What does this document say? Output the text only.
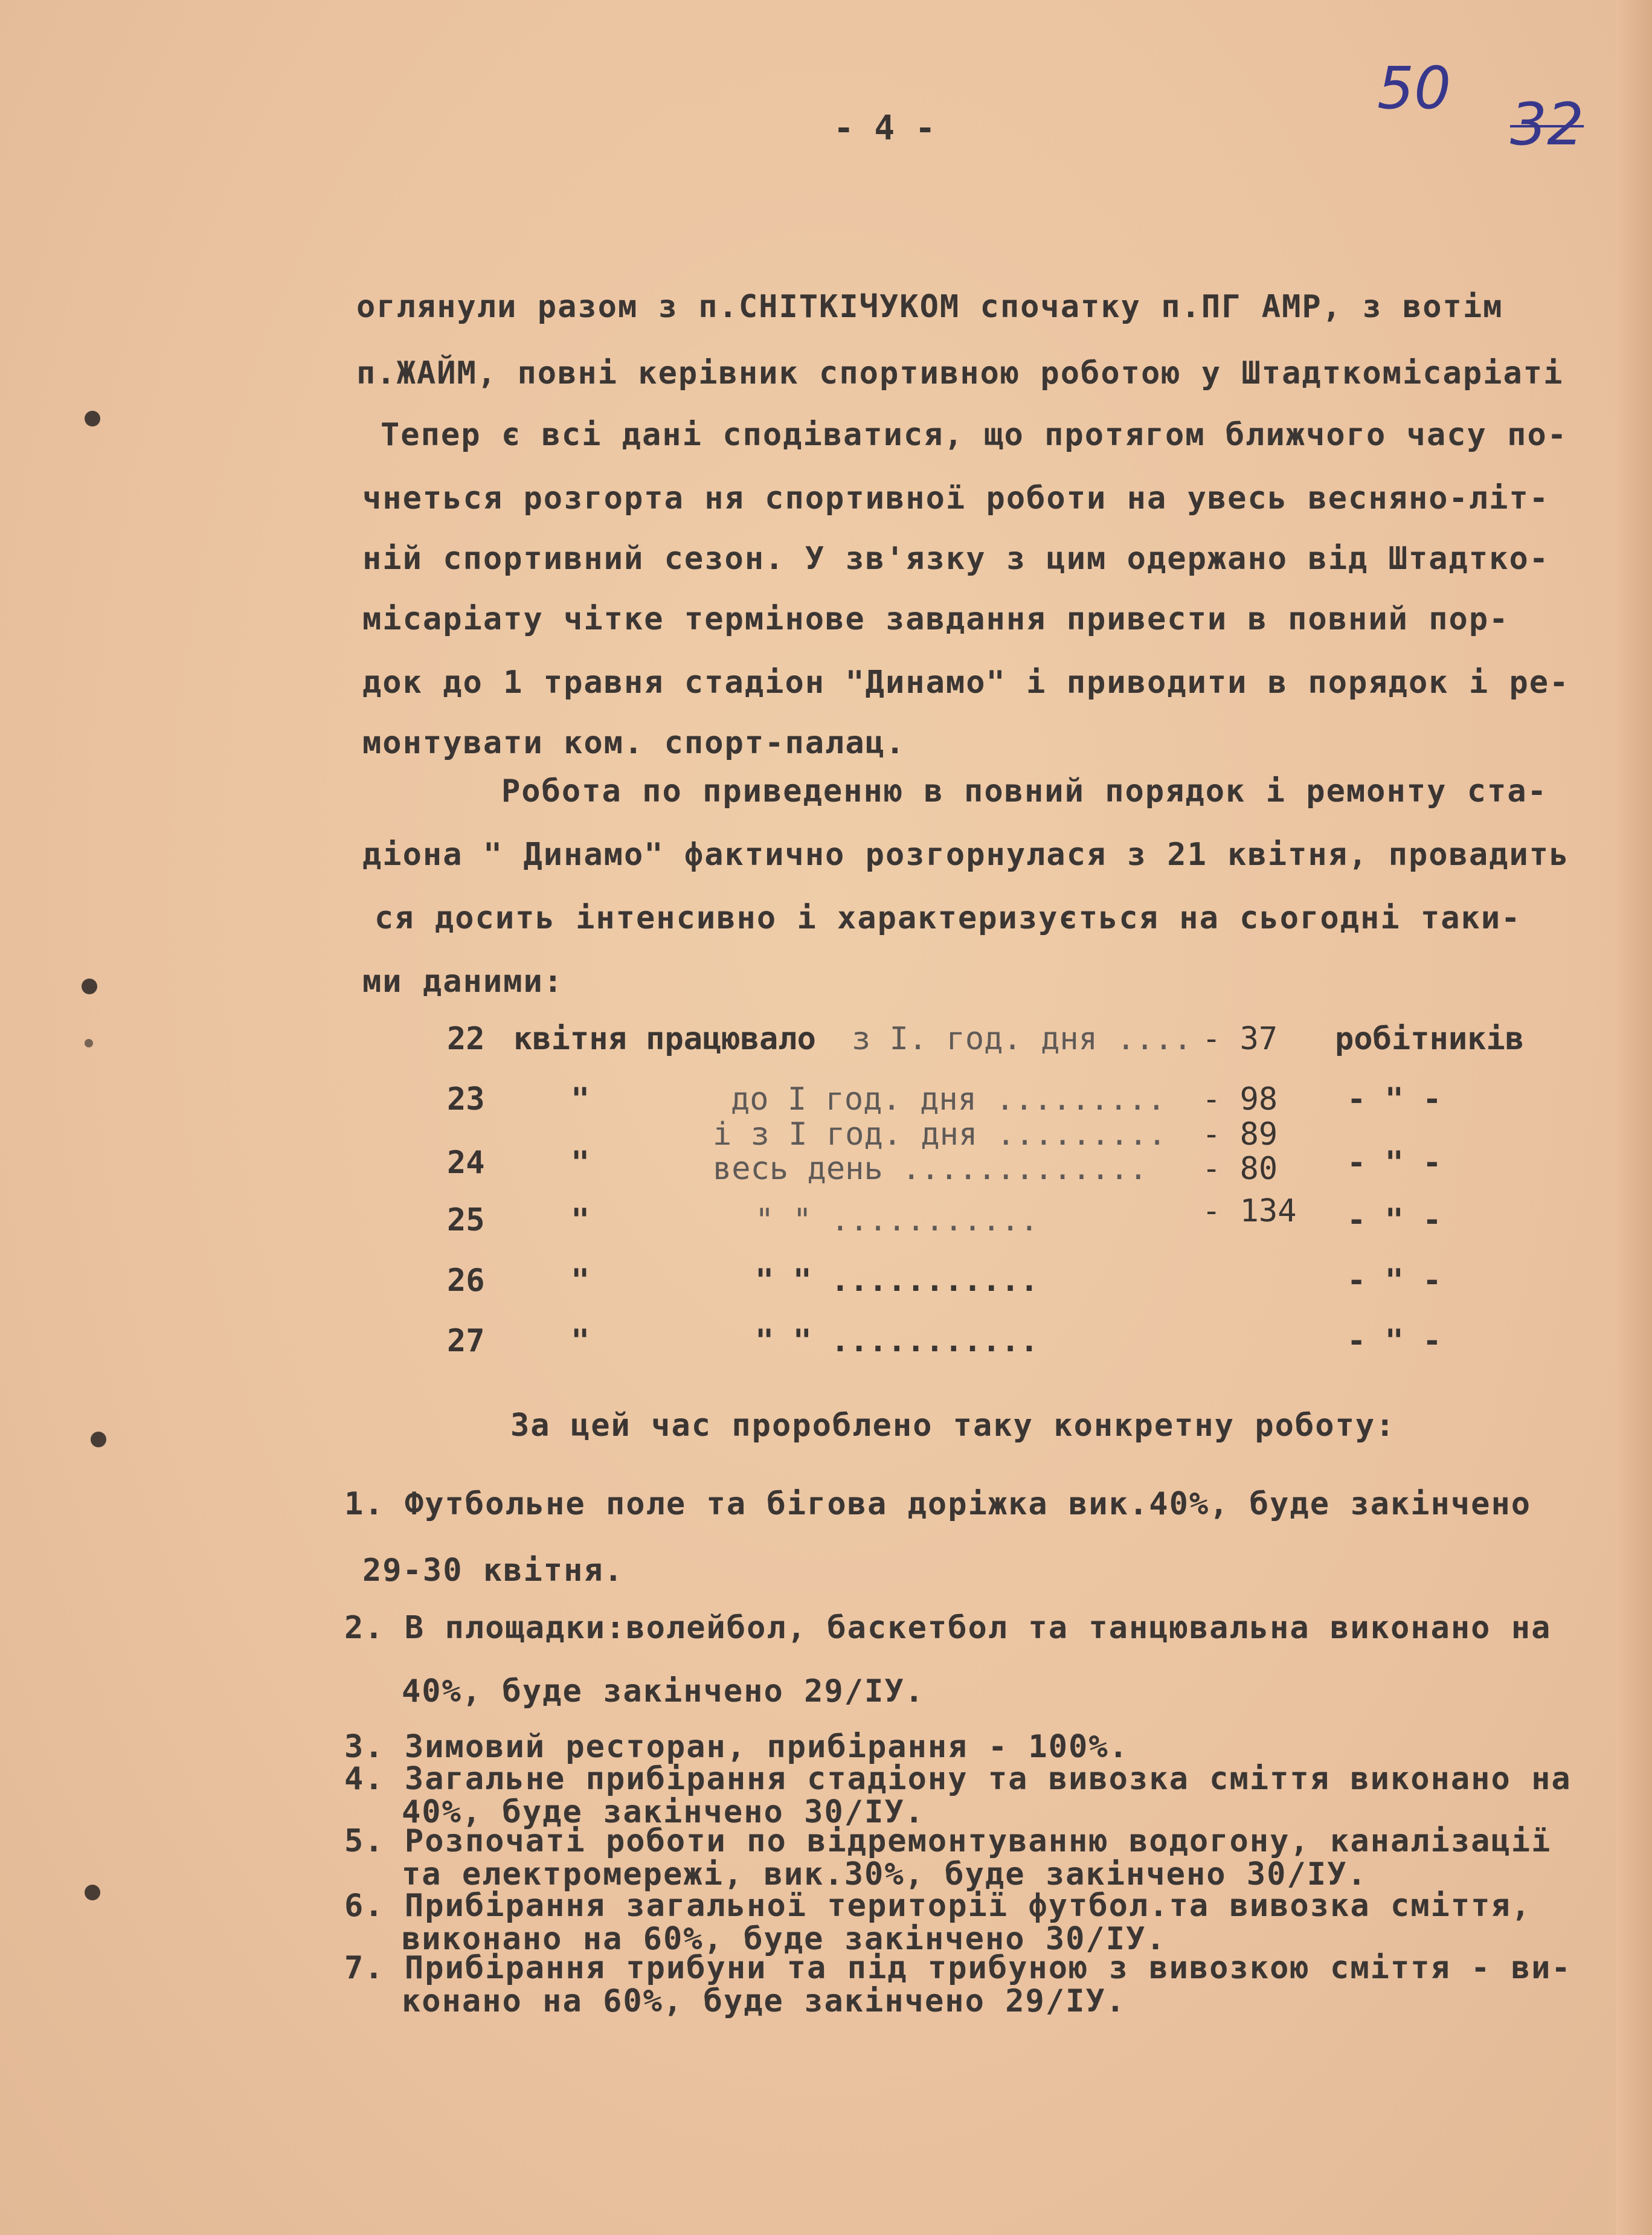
50
32
- 4 -
оглянули разом з п.СНІТКІЧУКОМ спочатку п.ПГ АМР, з вотім
п.ЖАЙМ, повні керівник спортивною роботою у Штадткомісаріаті
Тепер є всі дані сподіватися, що протягом ближчого часу по-
чнеться розгорта ня спортивної роботи на увесь весняно-літ-
ній спортивний сезон. У зв'язку з цим одержано від Штадтко-
місаріату чітке термінове завдання привести в повний пор-
док до 1 травня стадіон "Динамо" і приводити в порядок і ре-
монтувати ком. спорт-палац.
Робота по приведенню в повний порядок і ремонту ста-
діона " Динамо" фактично розгорнулася з 21 квітня, провадить
ся досить інтенсивно і характеризується на сьогодні таки-
ми даними:
22 квітня працювало з І. год. дня .... - 37 робітників
23	"	до І год. дня ......... - 98 - " -
і з І год. дня ......... - 89
24	"	весь день ............. - 80 - " -
25	"	" " ...........	- 134 - " -
26	"	" " ...........	- " -
27	"	" " ...........	- " -
За цей час пророблено таку конкретну роботу:
1. Футбольне поле та бігова доріжка вик.40%, буде закінчено
29-30 квітня.
2. В площадки:волейбол, баскетбол та танцювальна виконано на
40%, буде закінчено 29/ІУ.
3. Зимовий ресторан, прибірання - 100%.
4. Загальне прибірання стадіону та вивозка сміття виконано на
40%, буде закінчено 30/ІУ.
5. Розпочаті роботи по відремонтуванню водогону, каналізації
та електромережі, вик.30%, буде закінчено 30/ІУ.
6. Прибірання загальної території футбол.та вивозка сміття,
виконано на 60%, буде закінчено 30/ІУ.
7. Прибірання трибуни та під трибуною з вивозкою сміття - ви-
конано на 60%, буде закінчено 29/ІУ.
